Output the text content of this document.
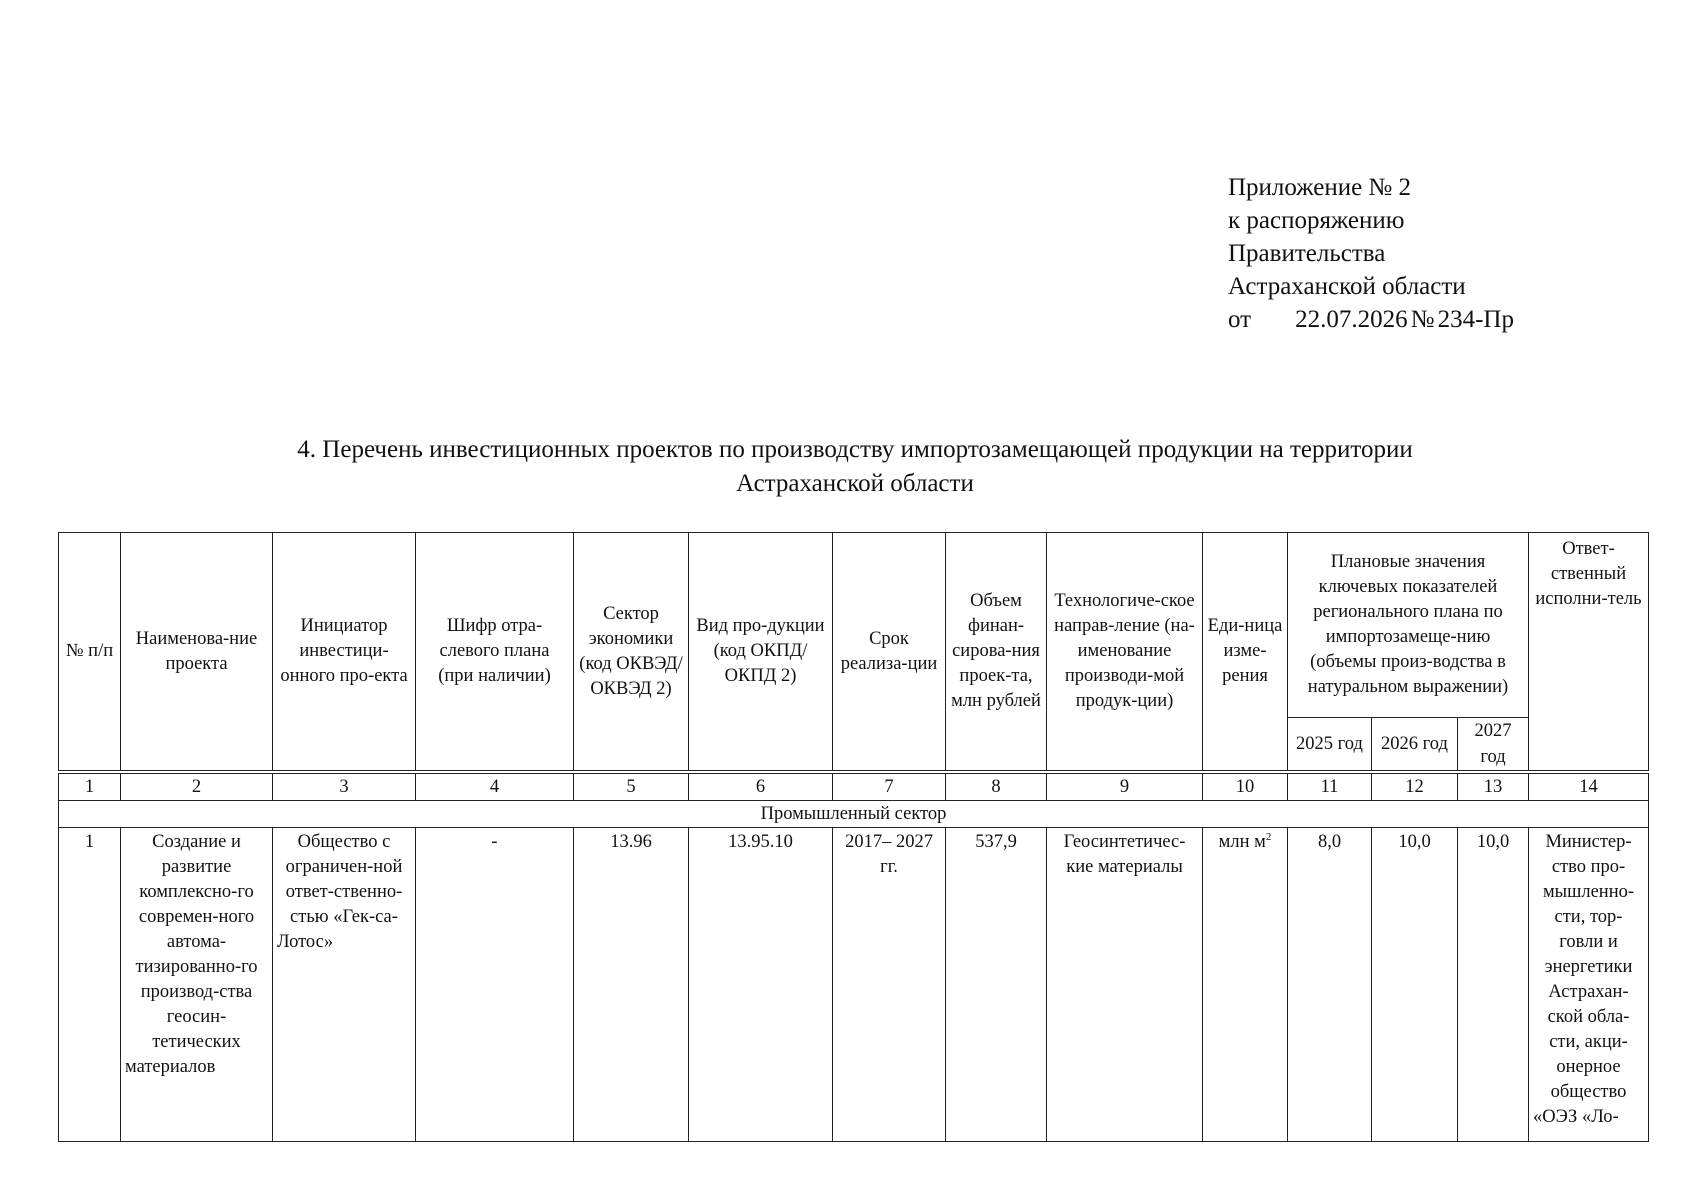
Приложение № 2
к распоряжению
Правительства
Астраханской области
от 22.07.2026 № 234-Пр
4. Перечень инвестиционных проектов по производству импортозамещающей продукции на территории
Астраханской области
№ п/п	Наименова-ние проекта	Инициатор инвестици-онного про-екта	Шифр отра-слевого плана (при наличии)	Сектор экономики (код ОКВЭД/ ОКВЭД 2)	Вид про-дукции (код ОКПД/ ОКПД 2)	Срок реализа-ции	Объем финан-сирова-ния проек-та, млн рублей	Технологиче-ское направ-ление (на-именование производи-мой продук-ции)	Еди-ница изме-рения	Плановые значения ключевых показателей регионального плана по импортозамеще-нию (объемы произ-водства в натуральном выражении)			Ответ-ственный исполни-тель
										2025 год	2026 год	2027 год	
1	2	3	4	5	6	7	8	9	10	11	12	13	14
Промышленный сектор													
1	Создание и развитие комплексно-го современ-ного автома-тизированно-го производ-ства геосин-тетических материалов	Общество с ограничен-ной ответ-ственно-стью «Гек-са-Лотос»	-	13.96	13.95.10	2017– 2027 гг.	537,9	Геосинтетичес-кие материалы	млн $м^2$	8,0	10,0	10,0	Министер-ство про-мышленно-сти, тор-говли и энергетики Астрахан-ской обла-сти, акци-онерное общество «ОЭЗ «Ло-
